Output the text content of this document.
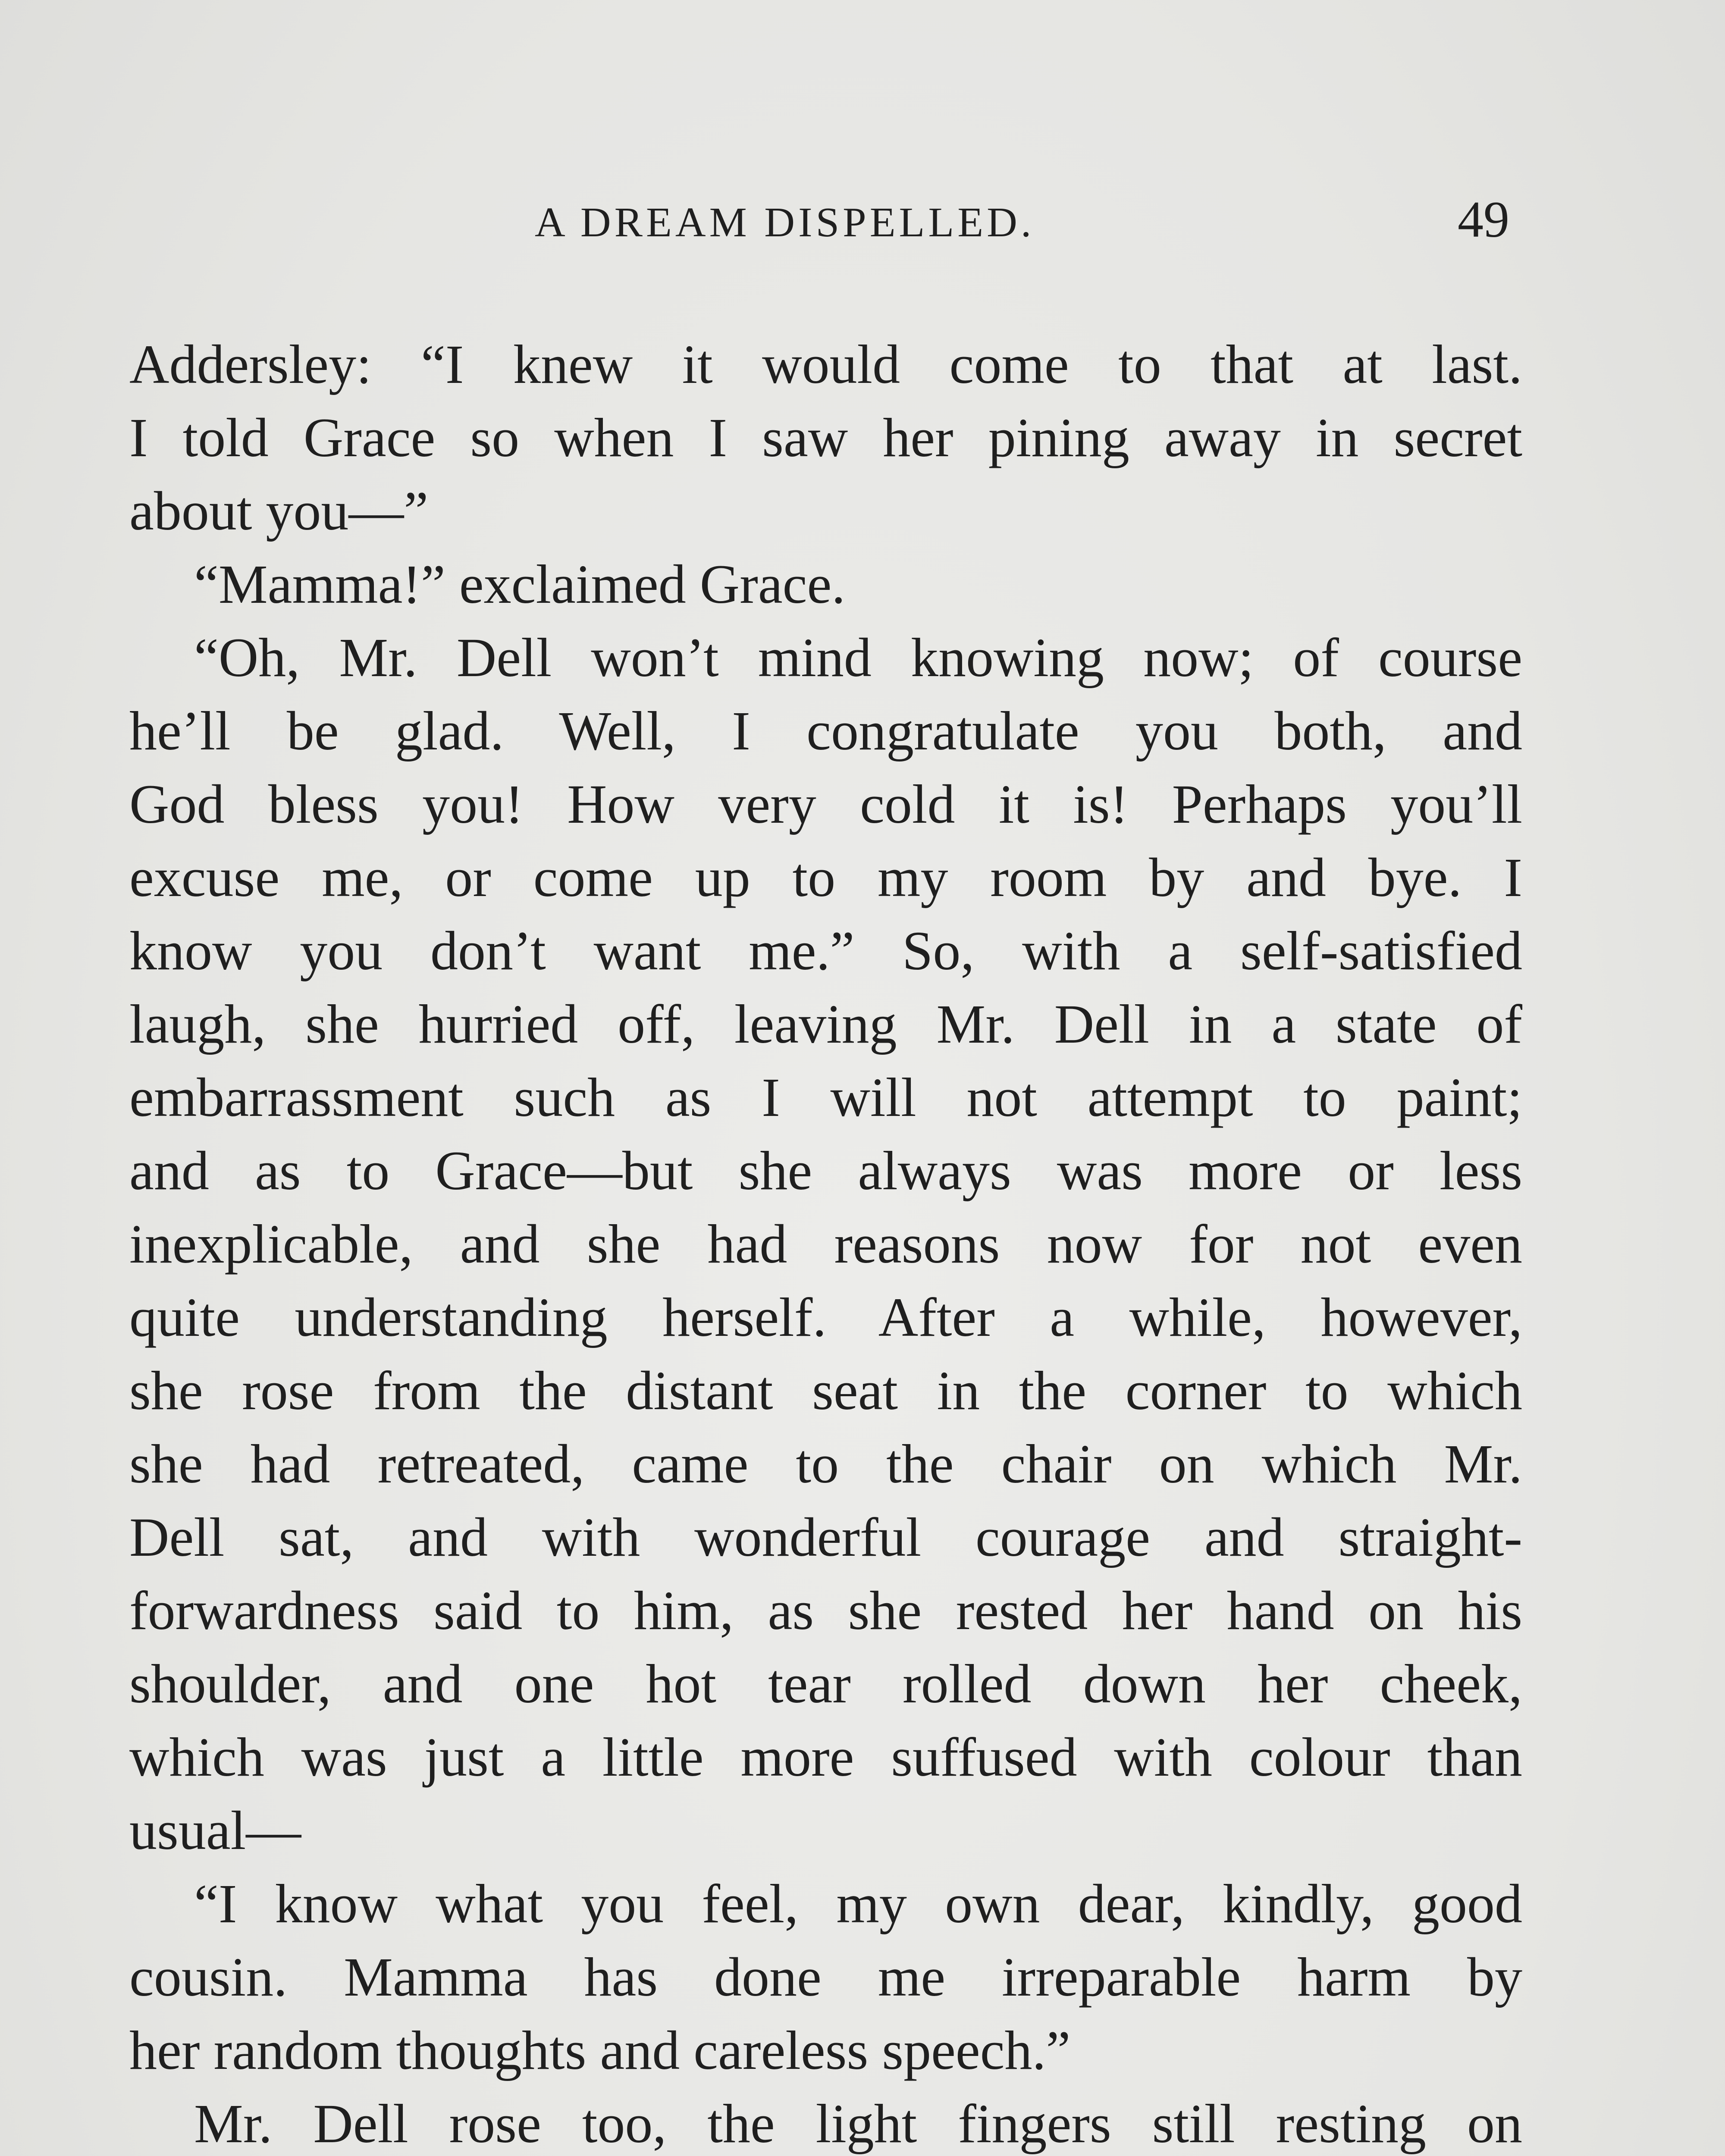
A DREAM DISPELLED.	49
Addersley: “I knew it would come to that at last.
I told Grace so when I saw her pining away in secret
about you—”
“Mamma!” exclaimed Grace.
“Oh, Mr. Dell won’t mind knowing now; of course
he’ll be glad. Well, I congratulate you both, and
God bless you! How very cold it is! Perhaps you’ll
excuse me, or come up to my room by and bye. I
know you don’t want me.” So, with a self-satisfied
laugh, she hurried off, leaving Mr. Dell in a state of
embarrassment such as I will not attempt to paint;
and as to Grace—but she always was more or less
inexplicable, and she had reasons now for not even
quite understanding herself. After a while, however,
she rose from the distant seat in the corner to which
she had retreated, came to the chair on which Mr.
Dell sat, and with wonderful courage and straight-
forwardness said to him, as she rested her hand on his
shoulder, and one hot tear rolled down her cheek,
which was just a little more suffused with colour than
usual—
“I know what you feel, my own dear, kindly, good
cousin. Mamma has done me irreparable harm by
her random thoughts and careless speech.”
Mr. Dell rose too, the light fingers still resting on
